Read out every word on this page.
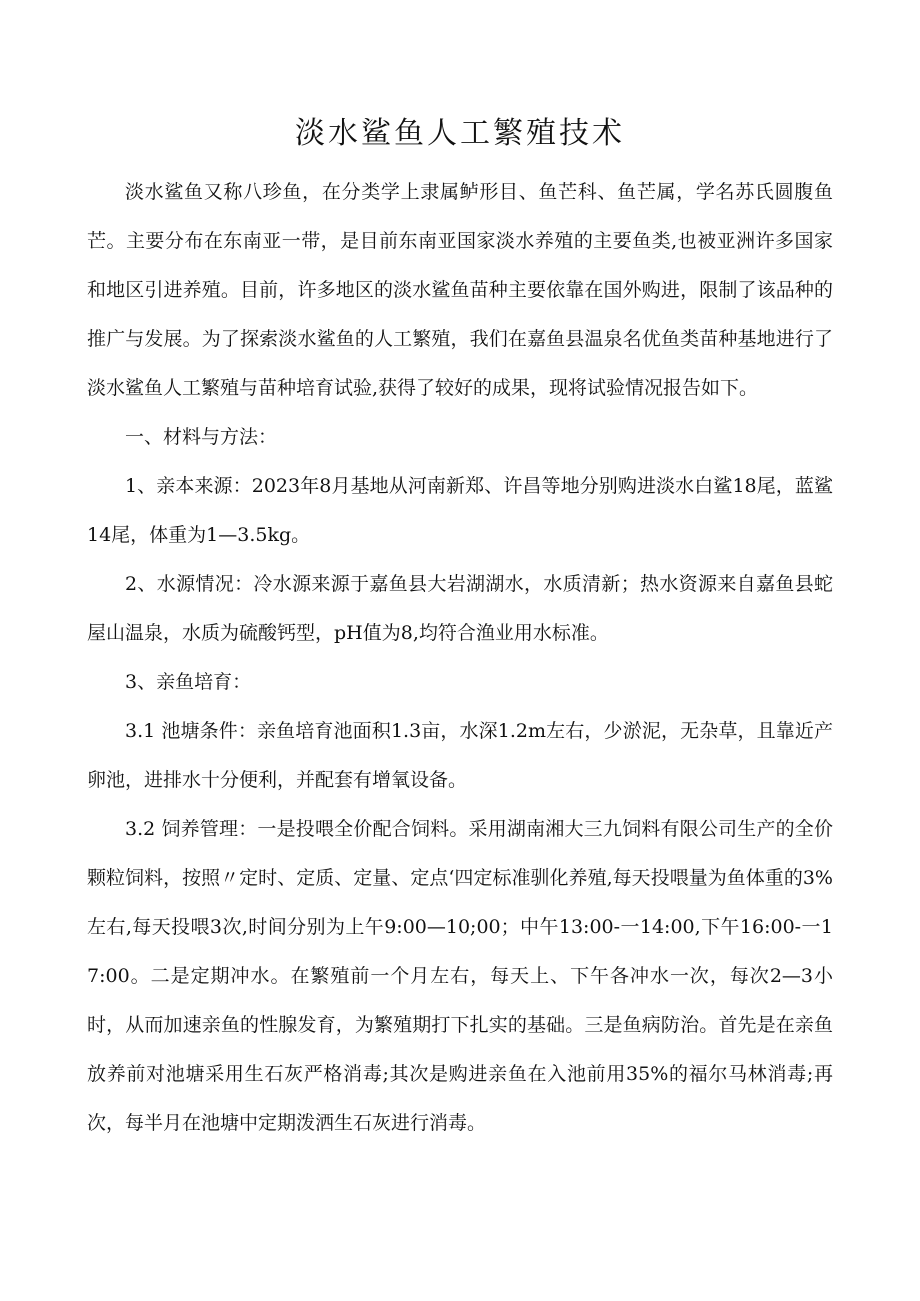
淡水鲨鱼人工繁殖技术

淡水鲨鱼又称八珍鱼，在分类学上隶属鲈形目、鱼芒科、鱼芒属，学名苏氏圆腹鱼芒。主要分布在东南亚一带，是目前东南亚国家淡水养殖的主要鱼类,也被亚洲许多国家和地区引进养殖。目前，许多地区的淡水鲨鱼苗种主要依靠在国外购进，限制了该品种的推广与发展。为了探索淡水鲨鱼的人工繁殖，我们在嘉鱼县温泉名优鱼类苗种基地进行了淡水鲨鱼人工繁殖与苗种培育试验,获得了较好的成果，现将试验情况报告如下。

一、材料与方法：

1、亲本来源：2023年8月基地从河南新郑、许昌等地分别购进淡水白鲨18尾，蓝鲨14尾，体重为1—3.5kg。

2、水源情况：冷水源来源于嘉鱼县大岩湖湖水，水质清新；热水资源来自嘉鱼县蛇屋山温泉，水质为硫酸钙型，pH值为8,均符合渔业用水标准。

3、亲鱼培育：

3.1 池塘条件：亲鱼培育池面积1.3亩，水深1.2m左右，少淤泥，无杂草，且靠近产卵池，进排水十分便利，并配套有增氧设备。

3.2 饲养管理：一是投喂全价配合饲料。采用湖南湘大三九饲料有限公司生产的全价颗粒饲料，按照〃定时、定质、定量、定点‘四定标准驯化养殖,每天投喂量为鱼体重的3%左右,每天投喂3次,时间分别为上午9:00—10;00；中午13:00-一14:00,下午16:00-一17:00。二是定期冲水。在繁殖前一个月左右，每天上、下午各冲水一次，每次2—3小时，从而加速亲鱼的性腺发育，为繁殖期打下扎实的基础。三是鱼病防治。首先是在亲鱼放养前对池塘采用生石灰严格消毒;其次是购进亲鱼在入池前用35%的福尔马林消毒;再次，每半月在池塘中定期泼洒生石灰进行消毒。
